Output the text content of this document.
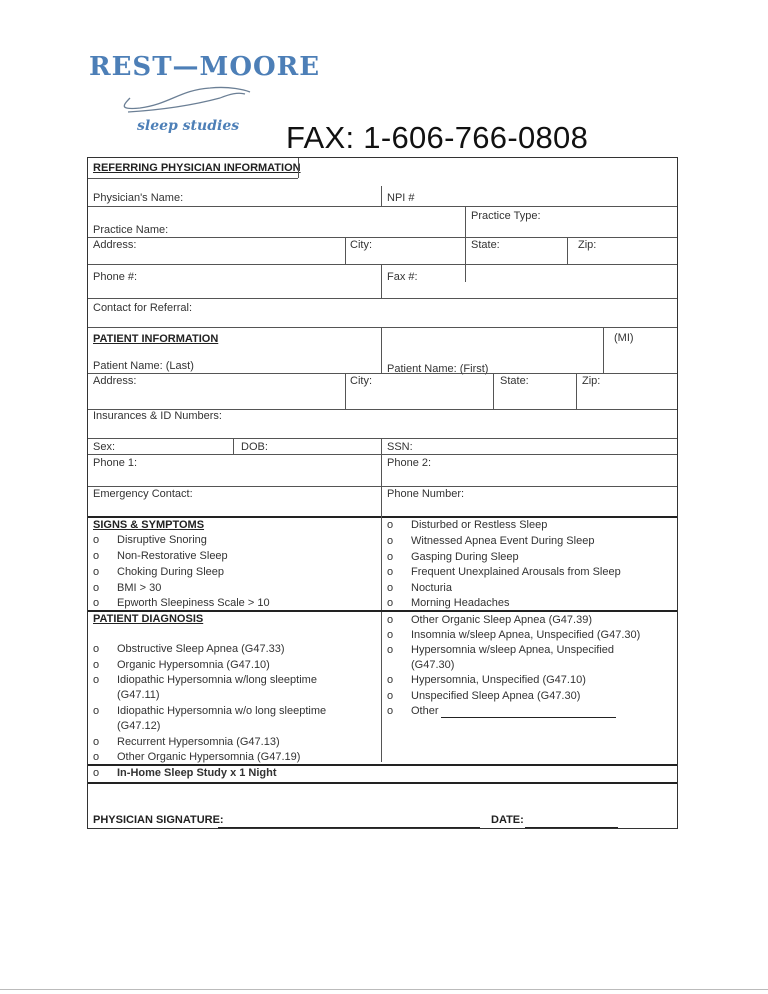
REST—MOORE
sleep studies FAX: 1-606-766-0808
REFERRING PHYSICIAN INFORMATION
Physician's Name:	NPI #
Practice Type:
Practice Name:
Address:	City:	State:	Zip:
Phone #:	Fax #:
Contact for Referral:
PATIENT INFORMATION	(MI)
Patient Name: (Last)	Patient Name: (First)
Address:	City:	State:	Zip:
Insurances & ID Numbers:
Sex:	DOB:	SSN:
Phone 1:	Phone 2:
Emergency Contact:	Phone Number:
SIGNS & SYMPTOMS
o Disruptive Snoring
o Non-Restorative Sleep
o Choking During Sleep
o BMI > 30
o Epworth Sleepiness Scale > 10
o Disturbed or Restless Sleep
o Witnessed Apnea Event During Sleep
o Gasping During Sleep
o Frequent Unexplained Arousals from Sleep
o Nocturia
o Morning Headaches
PATIENT DIAGNOSIS
o Obstructive Sleep Apnea (G47.33)
o Organic Hypersomnia (G47.10)
o Idiopathic Hypersomnia w/long sleeptime
(G47.11)
o Idiopathic Hypersomnia w/o long sleeptime
(G47.12)
o Recurrent Hypersomnia (G47.13)
o Other Organic Hypersomnia (G47.19)
o Other Organic Sleep Apnea (G47.39)
o Insomnia w/sleep Apnea, Unspecified (G47.30)
o Hypersomnia w/sleep Apnea, Unspecified
(G47.30)
o Hypersomnia, Unspecified (G47.10)
o Unspecified Sleep Apnea (G47.30)
o Other
o In-Home Sleep Study x 1 Night
PHYSICIAN SIGNATURE:	DATE:
